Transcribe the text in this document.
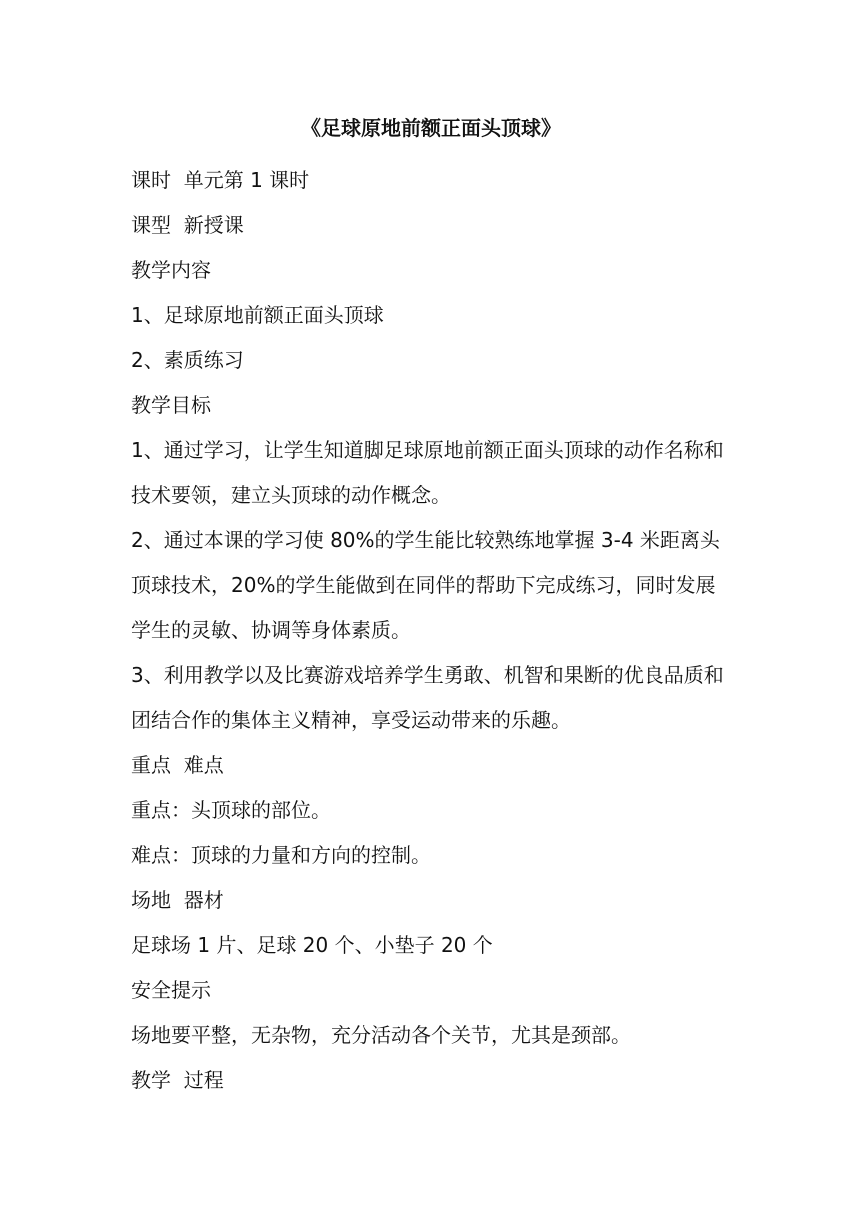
《足球原地前额正面头顶球》
课时  单元第 1 课时
课型  新授课
教学内容
1、足球原地前额正面头顶球
2、素质练习
教学目标
1、通过学习，让学生知道脚足球原地前额正面头顶球的动作名称和技术要领，建立头顶球的动作概念。
2、通过本课的学习使 80%的学生能比较熟练地掌握 3-4 米距离头顶球技术，20%的学生能做到在同伴的帮助下完成练习，同时发展学生的灵敏、协调等身体素质。
3、利用教学以及比赛游戏培养学生勇敢、机智和果断的优良品质和团结合作的集体主义精神，享受运动带来的乐趣。
重点  难点
重点：头顶球的部位。
难点：顶球的力量和方向的控制。
场地  器材
足球场 1 片、足球 20 个、小垫子 20 个
安全提示
场地要平整，无杂物，充分活动各个关节，尤其是颈部。
教学  过程
